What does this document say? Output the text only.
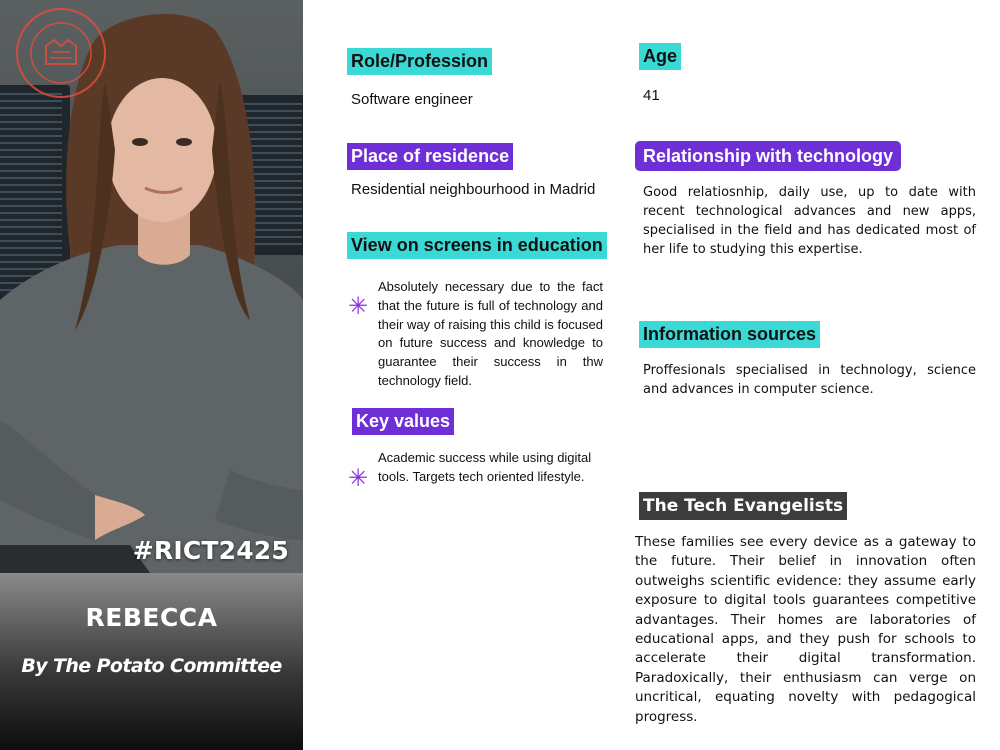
#RICT2425
REBECCA
By The Potato Committee
Role/Profession
Software engineer
Place of residence
Residential neighbourhood in Madrid
View on screens in education
✳
Absolutely necessary due to the fact that the future is full of technology and their way of raising this child is focused on future success and knowledge to guarantee their success in thw technology field.
Key values
✳
Academic success while using digital tools. Targets tech oriented lifestyle.
Age
41
Relationship with technology
Good relatiosnhip, daily use, up to date with recent technological advances and new apps, specialised in the field and has dedicated most of her life to studying this expertise.
Information sources
Proffesionals specialised in technology, science and advances in computer science.
The Tech Evangelists
These families see every device as a gateway to the future. Their belief in innovation often outweighs scientific evidence: they assume early exposure to digital tools guarantees competitive advantages. Their homes are laboratories of educational apps, and they push for schools to accelerate their digital transformation. Paradoxically, their enthusiasm can verge on uncritical, equating novelty with pedagogical progress.
